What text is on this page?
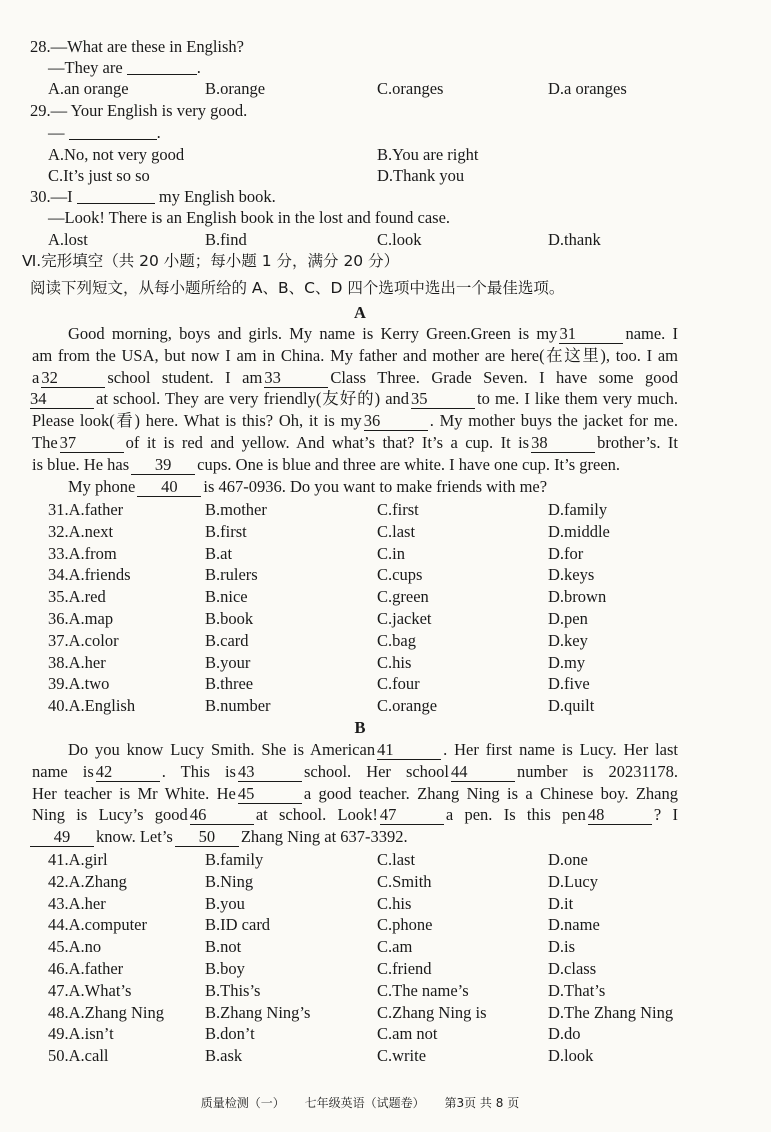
28.—What are these in English?
—They are	.
A.an orange	B.orange	C.oranges	D.a oranges
29.— Your English is very good.
—	.
A.No, not very good	B.You are right
C.It’s just so so	D.Thank you
30.—I	my English book.
—Look! There is an English book in the lost and found case.
A.lost	B.find	C.look	D.thank
Ⅵ.完形填空（共 20 小题；每小题 1 分，满分 20 分）
阅读下列短文，从每小题所给的 A、B、C、D 四个选项中选出一个最佳选项。
A
Good morning, boys and girls. My name is Kerry Green.Green is my 31	name. I
am from the USA, but now I am in China. My father and mother are here(在这里), too. I am
a 32	school student. I am 33	Class Three. Grade Seven. I have some good
34	at school. They are very friendly(友好的) and 35	to me. I like them very much.
Please look(看) here. What is this? Oh, it is my 36	. My mother buys the jacket for me.
The 37	of it is red and yellow. And what’s that? It’s a cup. It is 38	brother’s. It
is blue. He has 39 cups. One is blue and three are white. I have one cup. It’s green.
My phone 40 is 467-0936. Do you want to make friends with me?
31.A.father	B.mother	C.first	D.family
32.A.next	B.first	C.last	D.middle
33.A.from	B.at	C.in	D.for
34.A.friends	B.rulers	C.cups	D.keys
35.A.red	B.nice	C.green	D.brown
36.A.map	B.book	C.jacket	D.pen
37.A.color	B.card	C.bag	D.key
38.A.her	B.your	C.his	D.my
39.A.two	B.three	C.four	D.five
40.A.English	B.number	C.orange	D.quilt
B
Do you know Lucy Smith. She is American 41	. Her first name is Lucy. Her last
name is 42	. This is 43	school. Her school 44	number is 20231178.
Her teacher is Mr White. He 45	a good teacher. Zhang Ning is a Chinese boy. Zhang
Ning is Lucy’s good 46	at school. Look! 47	a pen. Is this pen 48	? I
49 know. Let’s 50 Zhang Ning at 637-3392.
41.A.girl	B.family	C.last	D.one
42.A.Zhang	B.Ning	C.Smith	D.Lucy
43.A.her	B.you	C.his	D.it
44.A.computer	B.ID card	C.phone	D.name
45.A.no	B.not	C.am	D.is
46.A.father	B.boy	C.friend	D.class
47.A.What’s	B.This’s	C.The name’s	D.That’s
48.A.Zhang Ning B.Zhang Ning’s	C.Zhang Ning is	D.The Zhang Ning
49.A.isn’t	B.don’t	C.am not	D.do
50.A.call	B.ask	C.write	D.look
质量检测（一） 七年级英语（试题卷） 第3页 共 8 页
